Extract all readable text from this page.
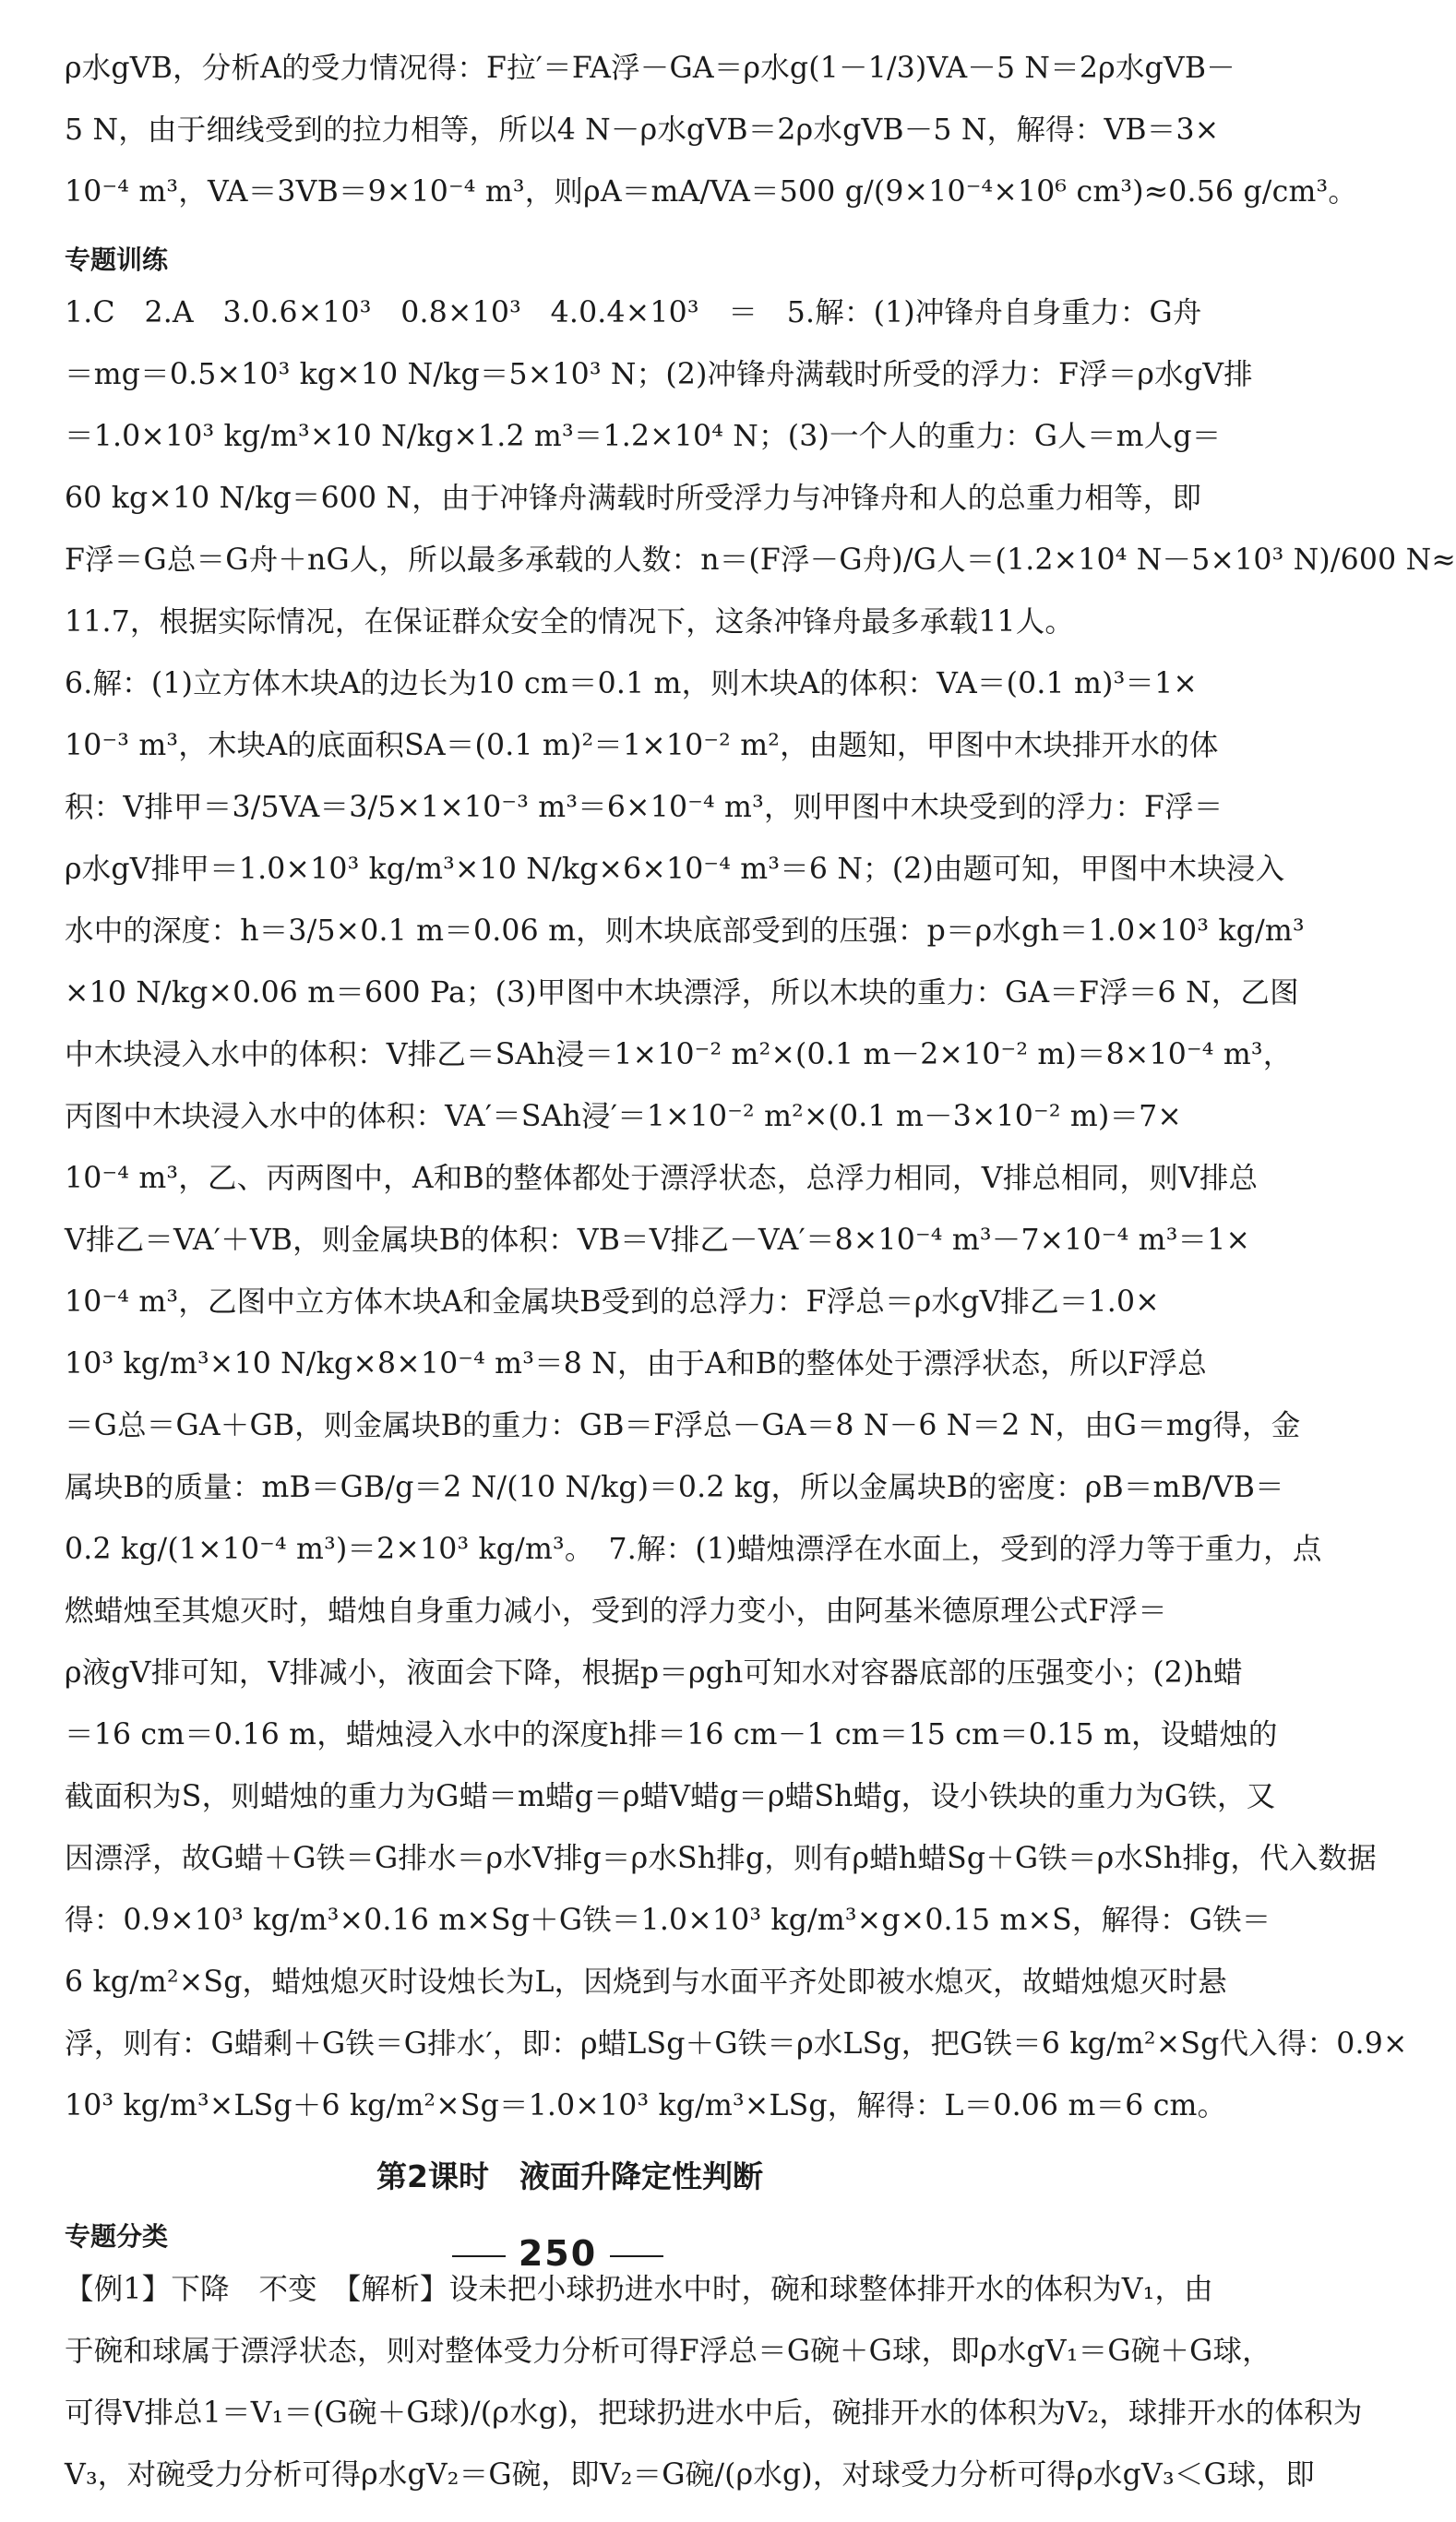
ρ水gVB，分析A的受力情况得：F拉′＝FA浮－GA＝ρ水g(1－1/3)VA－5 N＝2ρ水gVB－
5 N，由于细线受到的拉力相等，所以4 N－ρ水gVB＝2ρ水gVB－5 N，解得：VB＝3×
10⁻⁴ m³，VA＝3VB＝9×10⁻⁴ m³，则ρA＝mA/VA＝500 g/(9×10⁻⁴×10⁶ cm³)≈0.56 g/cm³。
专题训练
1.C　2.A　3.0.6×10³　0.8×10³　4.0.4×10³　＝　5.解：(1)冲锋舟自身重力：G舟
＝mg＝0.5×10³ kg×10 N/kg＝5×10³ N；(2)冲锋舟满载时所受的浮力：F浮＝ρ水gV排
＝1.0×10³ kg/m³×10 N/kg×1.2 m³＝1.2×10⁴ N；(3)一个人的重力：G人＝m人g＝
60 kg×10 N/kg＝600 N，由于冲锋舟满载时所受浮力与冲锋舟和人的总重力相等，即
F浮＝G总＝G舟＋nG人，所以最多承载的人数：n＝(F浮－G舟)/G人＝(1.2×10⁴ N－5×10³ N)/600 N≈
11.7，根据实际情况，在保证群众安全的情况下，这条冲锋舟最多承载11人。
6.解：(1)立方体木块A的边长为10 cm＝0.1 m，则木块A的体积：VA＝(0.1 m)³＝1×
10⁻³ m³，木块A的底面积SA＝(0.1 m)²＝1×10⁻² m²，由题知，甲图中木块排开水的体
积：V排甲＝3/5VA＝3/5×1×10⁻³ m³＝6×10⁻⁴ m³，则甲图中木块受到的浮力：F浮＝
ρ水gV排甲＝1.0×10³ kg/m³×10 N/kg×6×10⁻⁴ m³＝6 N；(2)由题可知，甲图中木块浸入
水中的深度：h＝3/5×0.1 m＝0.06 m，则木块底部受到的压强：p＝ρ水gh＝1.0×10³ kg/m³
×10 N/kg×0.06 m＝600 Pa；(3)甲图中木块漂浮，所以木块的重力：GA＝F浮＝6 N，乙图
中木块浸入水中的体积：V排乙＝SAh浸＝1×10⁻² m²×(0.1 m－2×10⁻² m)＝8×10⁻⁴ m³，
丙图中木块浸入水中的体积：VA′＝SAh浸′＝1×10⁻² m²×(0.1 m－3×10⁻² m)＝7×
10⁻⁴ m³，乙、丙两图中，A和B的整体都处于漂浮状态，总浮力相同，V排总相同，则V排总
V排乙＝VA′＋VB，则金属块B的体积：VB＝V排乙－VA′＝8×10⁻⁴ m³－7×10⁻⁴ m³＝1×
10⁻⁴ m³，乙图中立方体木块A和金属块B受到的总浮力：F浮总＝ρ水gV排乙＝1.0×
10³ kg/m³×10 N/kg×8×10⁻⁴ m³＝8 N，由于A和B的整体处于漂浮状态，所以F浮总
＝G总＝GA＋GB，则金属块B的重力：GB＝F浮总－GA＝8 N－6 N＝2 N，由G＝mg得，金
属块B的质量：mB＝GB/g＝2 N/(10 N/kg)＝0.2 kg，所以金属块B的密度：ρB＝mB/VB＝
0.2 kg/(1×10⁻⁴ m³)＝2×10³ kg/m³。　7.解：(1)蜡烛漂浮在水面上，受到的浮力等于重力，点
燃蜡烛至其熄灭时，蜡烛自身重力减小，受到的浮力变小，由阿基米德原理公式F浮＝
ρ液gV排可知，V排减小，液面会下降，根据p＝ρgh可知水对容器底部的压强变小；(2)h蜡
＝16 cm＝0.16 m，蜡烛浸入水中的深度h排＝16 cm－1 cm＝15 cm＝0.15 m，设蜡烛的
截面积为S，则蜡烛的重力为G蜡＝m蜡g＝ρ蜡V蜡g＝ρ蜡Sh蜡g，设小铁块的重力为G铁，又
因漂浮，故G蜡＋G铁＝G排水＝ρ水V排g＝ρ水Sh排g，则有ρ蜡h蜡Sg＋G铁＝ρ水Sh排g，代入数据
得：0.9×10³ kg/m³×0.16 m×Sg＋G铁＝1.0×10³ kg/m³×g×0.15 m×S，解得：G铁＝
6 kg/m²×Sg，蜡烛熄灭时设烛长为L，因烧到与水面平齐处即被水熄灭，故蜡烛熄灭时悬
浮，则有：G蜡剩＋G铁＝G排水′，即：ρ蜡LSg＋G铁＝ρ水LSg，把G铁＝6 kg/m²×Sg代入得：0.9×
10³ kg/m³×LSg＋6 kg/m²×Sg＝1.0×10³ kg/m³×LSg，解得：L＝0.06 m＝6 cm。
第2课时　液面升降定性判断
专题分类
【例1】下降　不变　【解析】设未把小球扔进水中时，碗和球整体排开水的体积为V₁，由
于碗和球属于漂浮状态，则对整体受力分析可得F浮总＝G碗＋G球，即ρ水gV₁＝G碗＋G球，
可得V排总1＝V₁＝(G碗＋G球)/(ρ水g)，把球扔进水中后，碗排开水的体积为V₂，球排开水的体积为
V₃，对碗受力分析可得ρ水gV₂＝G碗，即V₂＝G碗/(ρ水g)，对球受力分析可得ρ水gV₃＜G球，即
250
